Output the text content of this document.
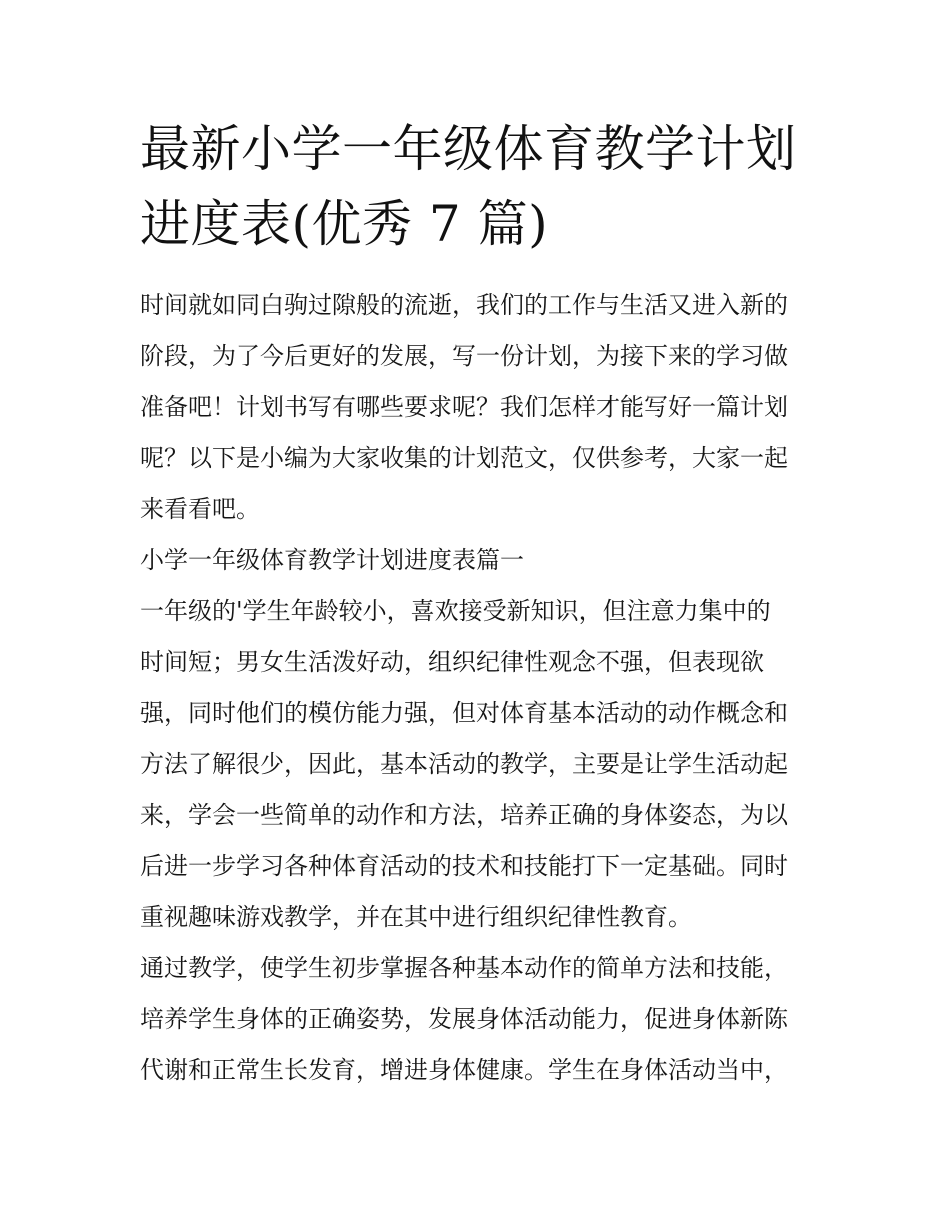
最新小学一年级体育教学计划
进度表(优秀 7 篇)

时间就如同白驹过隙般的流逝，我们的工作与生活又进入新的
阶段，为了今后更好的发展，写一份计划，为接下来的学习做
准备吧！计划书写有哪些要求呢？我们怎样才能写好一篇计划
呢？以下是小编为大家收集的计划范文，仅供参考，大家一起
来看看吧。

小学一年级体育教学计划进度表篇一

一年级的'学生年龄较小，喜欢接受新知识，但注意力集中的
时间短；男女生活泼好动，组织纪律性观念不强，但表现欲
强，同时他们的模仿能力强，但对体育基本活动的动作概念和
方法了解很少，因此，基本活动的教学，主要是让学生活动起
来，学会一些简单的动作和方法，培养正确的身体姿态，为以
后进一步学习各种体育活动的技术和技能打下一定基础。同时
重视趣味游戏教学，并在其中进行组织纪律性教育。

通过教学，使学生初步掌握各种基本动作的简单方法和技能，
培养学生身体的正确姿势，发展身体活动能力，促进身体新陈
代谢和正常生长发育，增进身体健康。学生在身体活动当中，
